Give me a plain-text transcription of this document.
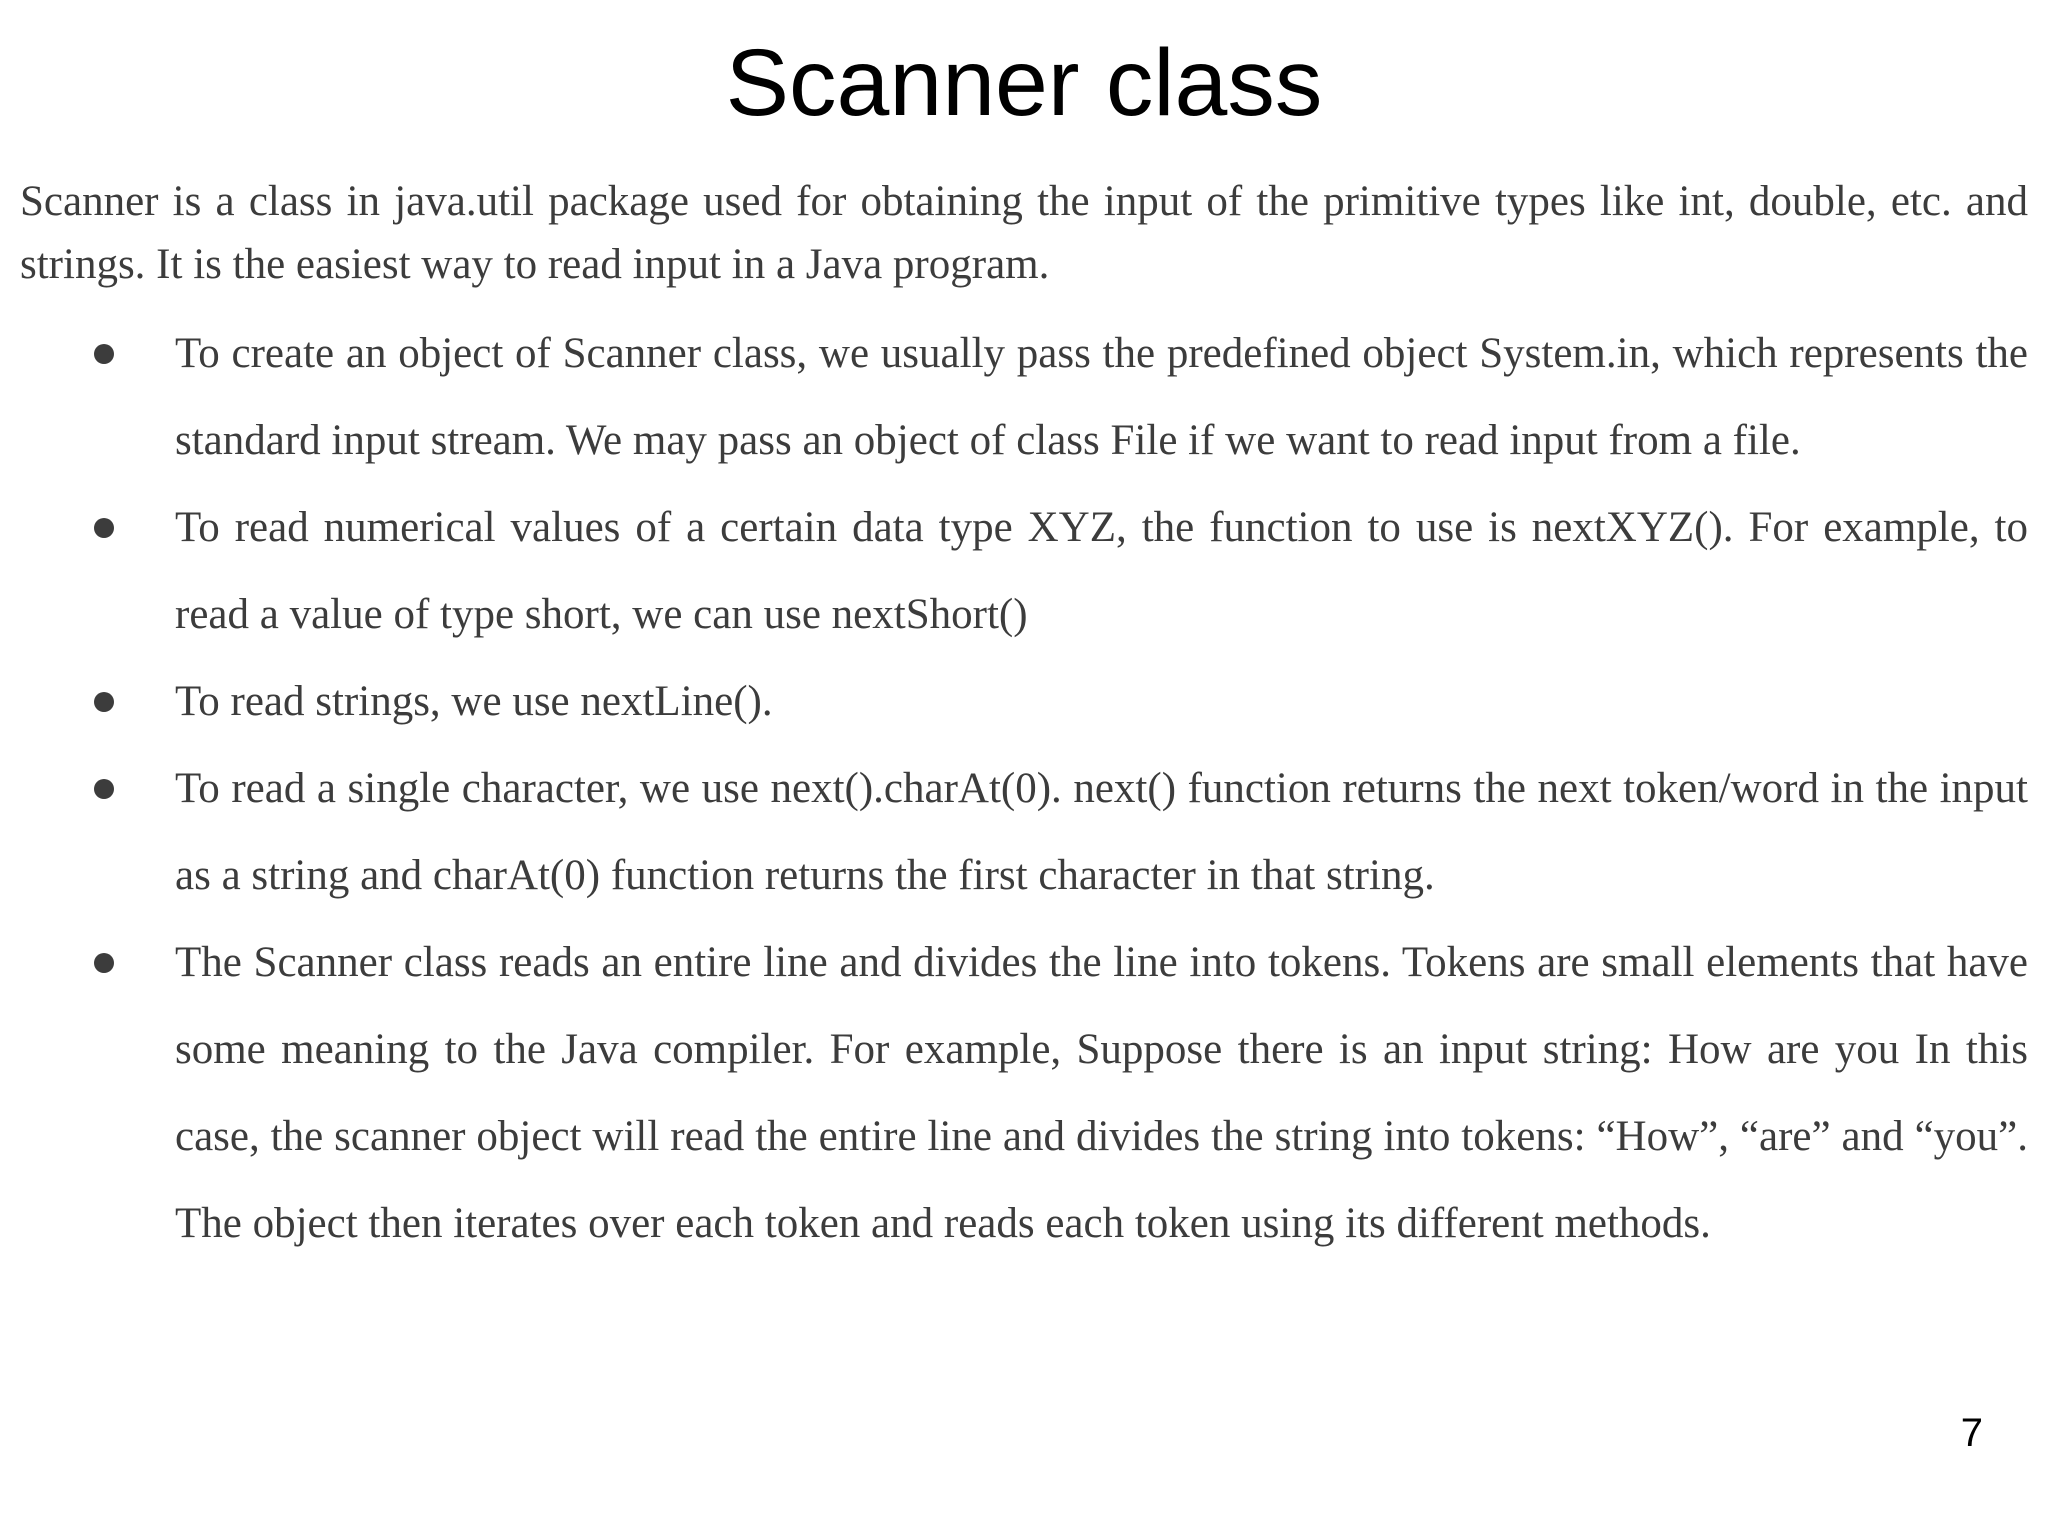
Scanner class

Scanner is a class in java.util package used for obtaining the input of the primitive types like int, double, etc. and strings. It is the easiest way to read input in a Java program.

To create an object of Scanner class, we usually pass the predefined object System.in, which represents the standard input stream. We may pass an object of class File if we want to read input from a file.
To read numerical values of a certain data type XYZ, the function to use is nextXYZ(). For example, to read a value of type short, we can use nextShort()
To read strings, we use nextLine().
To read a single character, we use next().charAt(0). next() function returns the next token/word in the input as a string and charAt(0) function returns the first character in that string.
The Scanner class reads an entire line and divides the line into tokens. Tokens are small elements that have some meaning to the Java compiler. For example, Suppose there is an input string: How are you In this case, the scanner object will read the entire line and divides the string into tokens: “How”, “are” and “you”. The object then iterates over each token and reads each token using its different methods.
7
